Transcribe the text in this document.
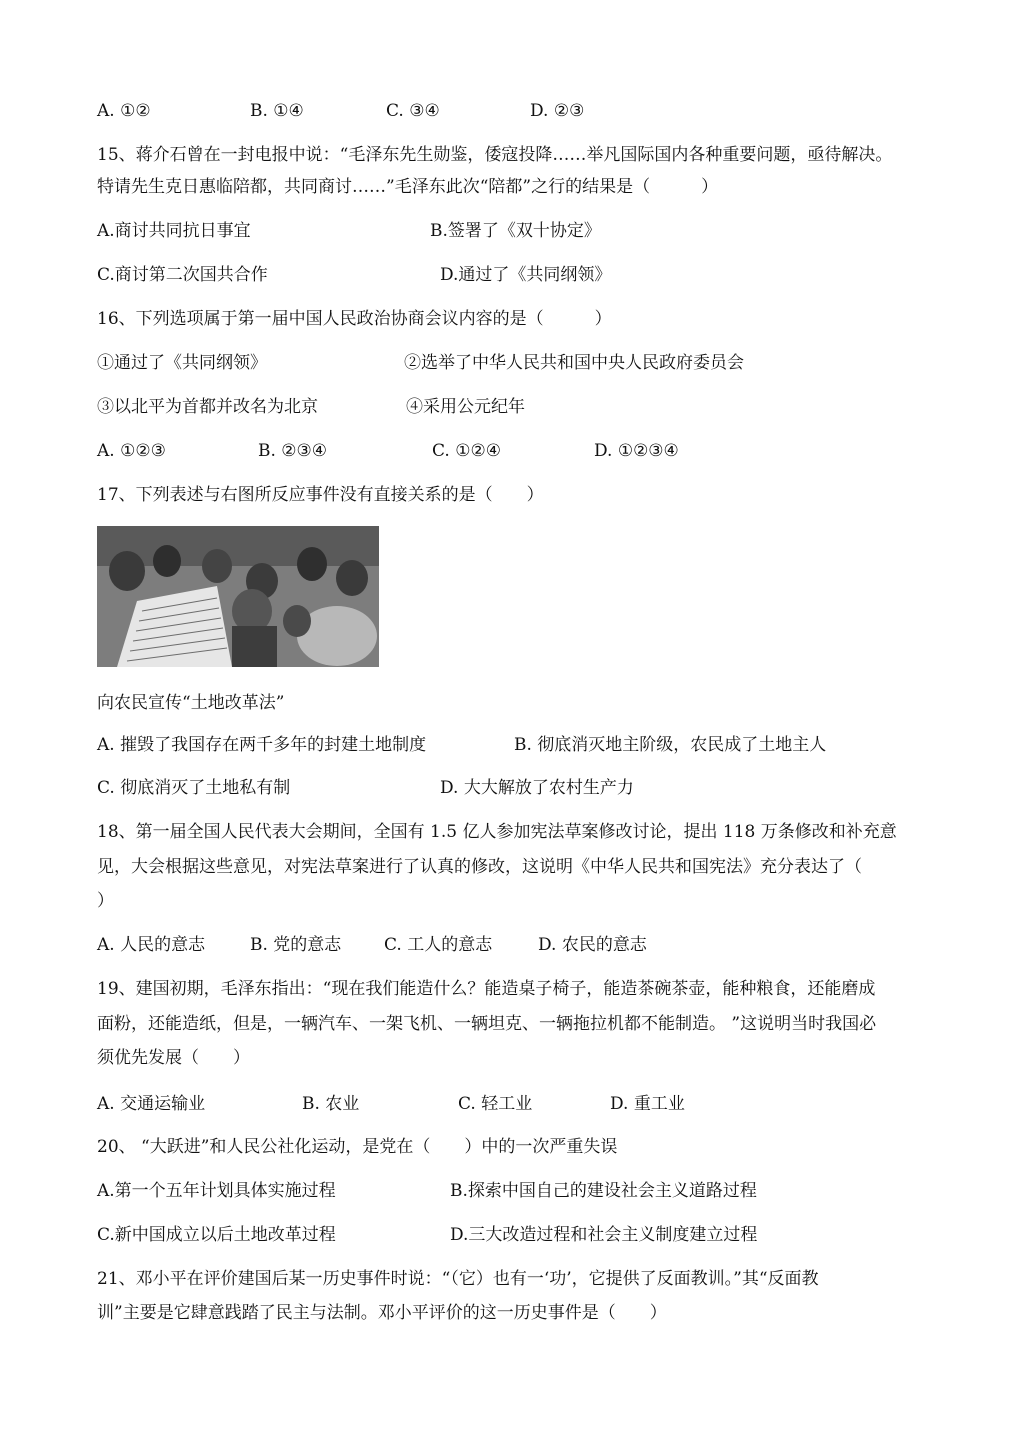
A. ①②	B. ①④	C. ③④	D. ②③
15、蒋介石曾在一封电报中说：“毛泽东先生勋鉴，倭寇投降……举凡国际国内各种重要问题，亟待解决。
特请先生克日惠临陪都，共同商讨……”毛泽东此次“陪都”之行的结果是（　　　）
A.商讨共同抗日事宜	B.签署了《双十协定》
C.商讨第二次国共合作	D.通过了《共同纲领》
16、下列选项属于第一届中国人民政治协商会议内容的是（　　　）
①通过了《共同纲领》	②选举了中华人民共和国中央人民政府委员会
③以北平为首都并改名为北京	④采用公元纪年
A. ①②③	B. ②③④	C. ①②④	D. ①②③④
17、下列表述与右图所反应事件没有直接关系的是（　　）
向农民宣传“土地改革法”
A. 摧毁了我国存在两千多年的封建土地制度	B. 彻底消灭地主阶级，农民成了土地主人
C. 彻底消灭了土地私有制	D. 大大解放了农村生产力
18、第一届全国人民代表大会期间，全国有 1.5 亿人参加宪法草案修改讨论，提出 118 万条修改和补充意
见，大会根据这些意见，对宪法草案进行了认真的修改，这说明《中华人民共和国宪法》充分表达了（
）
A. 人民的意志	B. 党的意志	C. 工人的意志	D. 农民的意志
19、建国初期，毛泽东指出：“现在我们能造什么？能造桌子椅子，能造茶碗茶壶，能种粮食，还能磨成
面粉，还能造纸，但是，一辆汽车、一架飞机、一辆坦克、一辆拖拉机都不能制造。 ”这说明当时我国必
须优先发展（　　）
A. 交通运输业	B. 农业	C. 轻工业	D. 重工业
20、 “大跃进”和人民公社化运动，是党在（　　）中的一次严重失误
A.第一个五年计划具体实施过程	B.探索中国自己的建设社会主义道路过程
C.新中国成立以后土地改革过程	D.三大改造过程和社会主义制度建立过程
21、邓小平在评价建国后某一历史事件时说：“（它）也有一‘功’，它提供了反面教训。”其“反面教
训”主要是它肆意践踏了民主与法制。邓小平评价的这一历史事件是（　　）
